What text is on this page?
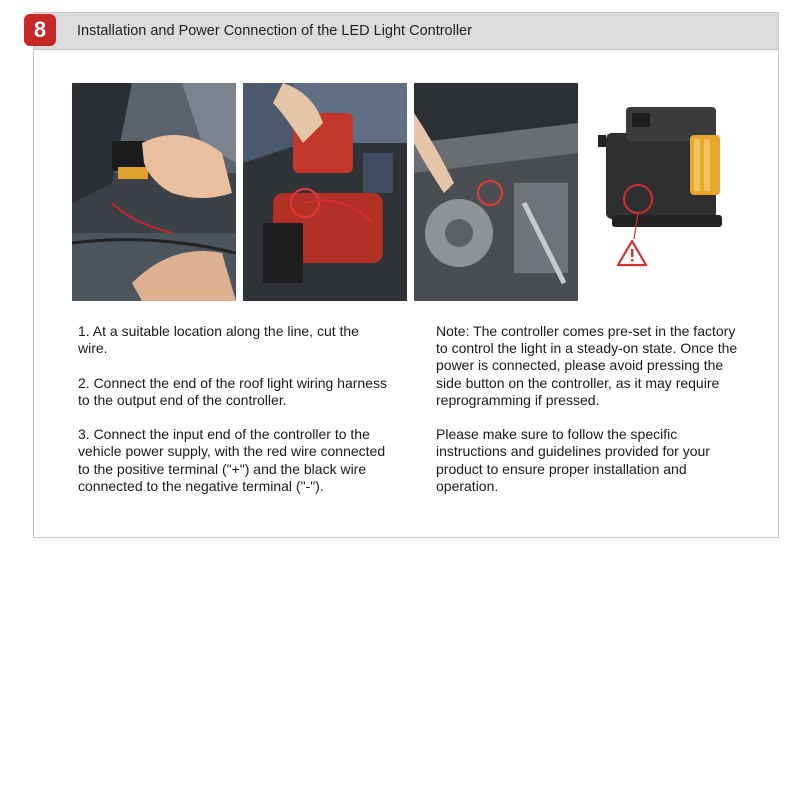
Installation and Power Connection of the LED Light Controller

1. At a suitable location along the line, cut the wire.

2. Connect the end of the roof light wiring harness to the output end of the controller.

3. Connect the input end of the controller to the vehicle power supply, with the red wire connected to the positive terminal ("+") and the black wire connected to the negative terminal ("-").

Note: The controller comes pre-set in the factory to control the light in a steady-on state. Once the power is connected, please avoid pressing the side button on the controller, as it may require reprogramming if pressed.

Please make sure to follow the specific instructions and guidelines provided for your product to ensure proper installation and operation.

8
